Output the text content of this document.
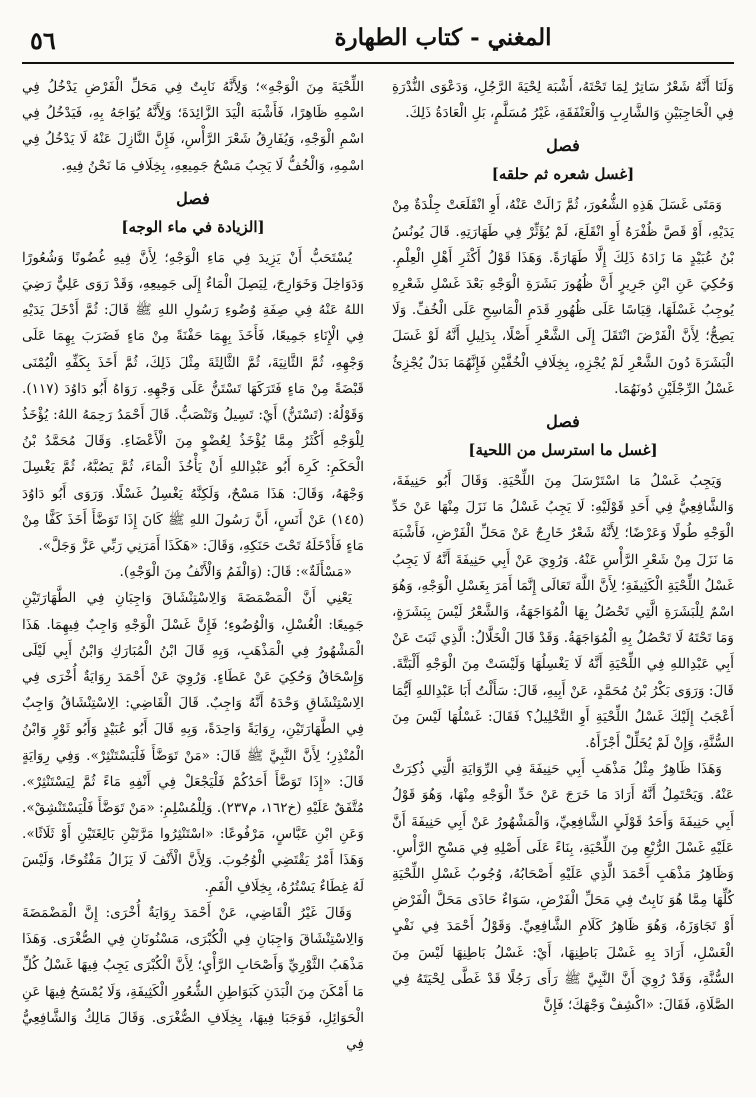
٥٦	المغني - كتاب الطهارة

وَلَنَا أَنَّهُ شَعْرٌ سَاتِرٌ لِمَا تَحْتَهُ، أَشْبَهَ لِحْيَةَ الرَّجُلِ، وَدَعْوَى النُّدْرَةِ فِي الْحَاجِبَيْنِ وَالشَّارِبِ وَالْعَنْفَقَةِ، غَيْرُ مُسَلَّمٍ، بَلِ الْعَادَةُ ذَلِكَ.

فصل
[غسل شعره ثم حلقه]

وَمَتَى غَسَلَ هَذِهِ الشُّعُورَ، ثُمَّ زَالَتْ عَنْهُ، أَوِ انْقَلَعَتْ جِلْدَةٌ مِنْ يَدَيْهِ، أَوْ قَصَّ ظُفْرَهُ أَوِ انْقَلَعَ، لَمْ يُؤَثِّرْ فِي طَهَارَتِهِ. قَالَ يُونُسُ بْنُ عُبَيْدٍ مَا زَادَهُ ذَلِكَ إِلَّا طَهَارَةً. وَهَذَا قَوْلُ أَكْثَرِ أَهْلِ الْعِلْمِ. وَحُكِيَ عَنِ ابْنِ جَرِيرٍ أَنَّ ظُهُورَ بَشَرَةِ الْوَجْهِ بَعْدَ غَسْلِ شَعْرِهِ يُوجِبُ غَسْلَهَا، قِيَاسًا عَلَى ظُهُورِ قَدَمِ الْمَاسِحِ عَلَى الْخُفِّ. وَلَا يَصِحُّ؛ لِأَنَّ الْفَرْضَ انْتَقَلَ إِلَى الشَّعْرِ أَصْلًا، بِدَلِيلِ أَنَّهُ لَوْ غَسَلَ الْبَشَرَةَ دُونَ الشَّعْرِ لَمْ يُجْزِهِ، بِخِلَافِ الْخُفَّيْنِ فَإِنَّهُمَا بَدَلٌ يُجْزِئُ غَسْلُ الرِّجْلَيْنِ دُونَهُمَا.

فصل
[غسل ما استرسل من اللحية]

وَيَجِبُ غَسْلُ مَا اسْتَرْسَلَ مِنَ اللِّحْيَةِ. وَقَالَ أَبُو حَنِيفَةَ، وَالشَّافِعِيُّ فِي أَحَدِ قَوْلَيْهِ: لَا يَجِبُ غَسْلُ مَا نَزَلَ مِنْهَا عَنْ حَدِّ الْوَجْهِ طُولًا وَعَرْضًا؛ لِأَنَّهُ شَعْرٌ خَارِجٌ عَنْ مَحَلِّ الْفَرْضِ، فَأَشْبَهَ مَا نَزَلَ مِنْ شَعْرِ الرَّأْسِ عَنْهُ. وَرُوِيَ عَنْ أَبِي حَنِيفَةَ أَنَّهُ لَا يَجِبُ غَسْلُ اللِّحْيَةِ الْكَثِيفَةِ؛ لِأَنَّ اللَّهَ تَعَالَى إِنَّمَا أَمَرَ بِغَسْلِ الْوَجْهِ، وَهُوَ اسْمٌ لِلْبَشَرَةِ الَّتِي تَحْصُلُ بِهَا الْمُوَاجَهَةُ، وَالشَّعْرُ لَيْسَ بِبَشَرَةٍ، وَمَا تَحْتَهُ لَا تَحْصُلُ بِهِ الْمُوَاجَهَةُ. وَقَدْ قَالَ الْخَلَّالُ: الَّذِي ثَبَتَ عَنْ أَبِي عَبْدِاللهِ فِي اللِّحْيَةِ أَنَّهُ لَا يَغْسِلُهَا وَلَيْسَتْ مِنَ الْوَجْهِ أَلْبَتَّةَ. قَالَ: وَرَوَى بَكْرُ بْنُ مُحَمَّدٍ، عَنْ أَبِيهِ، قَالَ: سَأَلْتُ أَبَا عَبْدِاللهِ أَيُّمَا أَعْجَبُ إِلَيْكَ غَسْلُ اللِّحْيَةِ أَوِ التَّخْلِيلُ؟ فَقَالَ: غَسْلُهَا لَيْسَ مِنَ السُّنَّةِ، وَإِنْ لَمْ يُخَلِّلْ أَجْزَأَهُ.

وَهَذَا ظَاهِرٌ مِثْلُ مَذْهَبِ أَبِي حَنِيفَةَ فِي الرِّوَايَةِ الَّتِي ذُكِرَتْ عَنْهُ. وَيَحْتَمِلُ أَنَّهُ أَرَادَ مَا خَرَجَ عَنْ حَدِّ الْوَجْهِ مِنْهَا، وَهُوَ قَوْلُ أَبِي حَنِيفَةَ وَأَحَدُ قَوْلَيِ الشَّافِعِيِّ، وَالْمَشْهُورُ عَنْ أَبِي حَنِيفَةَ أَنَّ عَلَيْهِ غَسْلَ الرُّبْعِ مِنَ اللِّحْيَةِ، بِنَاءً عَلَى أَصْلِهِ فِي مَسْحِ الرَّأْسِ. وَظَاهِرُ مَذْهَبِ أَحْمَدَ الَّذِي عَلَيْهِ أَصْحَابُهُ، وُجُوبُ غَسْلِ اللِّحْيَةِ كُلِّهَا مِمَّا هُوَ نَابِتٌ فِي مَحَلِّ الْفَرْضِ، سَوَاءٌ حَاذَى مَحَلَّ الْفَرْضِ أَوْ تَجَاوَزَهُ، وَهُوَ ظَاهِرُ كَلَامِ الشَّافِعِيِّ. وَقَوْلُ أَحْمَدَ فِي نَفْيِ الْغَسْلِ، أَرَادَ بِهِ غَسْلَ بَاطِنِهَا، أَيْ: غَسْلُ بَاطِنِهَا لَيْسَ مِنَ السُّنَّةِ، وَقَدْ رُوِيَ أَنَّ النَّبِيَّ ﷺ رَأَى رَجُلًا قَدْ غَطَّى لِحْيَتَهُ فِي الصَّلَاةِ، فَقَالَ: «اكْشِفْ وَجْهَكَ؛ فَإِنَّ

اللِّحْيَةَ مِنَ الْوَجْهِ»؛ وَلِأَنَّهُ نَابِتٌ فِي مَحَلِّ الْفَرْضِ يَدْخُلُ فِي اسْمِهِ ظَاهِرًا، فَأَشْبَهَ الْيَدَ الزَّائِدَةَ؛ وَلِأَنَّهُ يُوَاجَهُ بِهِ، فَيَدْخُلُ فِي اسْمِ الْوَجْهِ، وَيُفَارِقُ شَعْرَ الرَّأْسِ، فَإِنَّ النَّازِلَ عَنْهُ لَا يَدْخُلُ فِي اسْمِهِ، وَالْخُفُّ لَا يَجِبُ مَسْحُ جَمِيعِهِ، بِخِلَافِ مَا نَحْنُ فِيهِ.

فصل
[الزيادة في ماء الوجه]

يُسْتَحَبُّ أَنْ يَزِيدَ فِي مَاءِ الْوَجْهِ؛ لِأَنَّ فِيهِ غُضُونًا وَشُعُورًا وَدَوَاخِلَ وَخَوَارِجَ، لِيَصِلَ الْمَاءُ إِلَى جَمِيعِهِ، وَقَدْ رَوَى عَلِيٌّ رَضِيَ اللهُ عَنْهُ فِي صِفَةِ وُضُوءِ رَسُولِ اللهِ ﷺ قَالَ: ثُمَّ أَدْخَلَ يَدَيْهِ فِي الْإِنَاءِ جَمِيعًا، فَأَخَذَ بِهِمَا حَفْنَةً مِنْ مَاءٍ فَضَرَبَ بِهِمَا عَلَى وَجْهِهِ، ثُمَّ الثَّانِيَةَ، ثُمَّ الثَّالِثَةَ مِثْلَ ذَلِكَ، ثُمَّ أَخَذَ بِكَفِّهِ الْيُمْنَى قَبْضَةً مِنْ مَاءٍ فَتَرَكَهَا تَسْتَنُّ عَلَى وَجْهِهِ. رَوَاهُ أَبُو دَاوُدَ (١١٧). وَقَوْلُهُ: (تَسْتَنُّ) أَيْ: تَسِيلُ وَتَنْصَبُّ. قَالَ أَحْمَدُ رَحِمَهُ اللهُ: يُؤْخَذُ لِلْوَجْهِ أَكْثَرُ مِمَّا يُؤْخَذُ لِعُضْوٍ مِنَ الْأَعْضَاءِ. وَقَالَ مُحَمَّدُ بْنُ الْحَكَمِ: كَرِهَ أَبُو عَبْدِاللهِ أَنْ يَأْخُذَ الْمَاءَ، ثُمَّ يَصُبَّهُ، ثُمَّ يَغْسِلَ وَجْهَهُ، وَقَالَ: هَذَا مَسْحٌ، وَلَكِنَّهُ يَغْسِلُ غَسْلًا. وَرَوَى أَبُو دَاوُدَ (١٤٥) عَنْ أَنَسٍ، أَنَّ رَسُولَ اللهِ ﷺ كَانَ إِذَا تَوَضَّأَ أَخَذَ كَفًّا مِنْ مَاءٍ فَأَدْخَلَهُ تَحْتَ حَنَكِهِ، وَقَالَ: «هَكَذَا أَمَرَنِي رَبِّي عَزَّ وَجَلَّ».

«مَسْأَلَةٌ»: قَالَ: (وَالْفَمُ وَالْأَنْفُ مِنَ الْوَجْهِ).

يَعْنِي أَنَّ الْمَضْمَضَةَ وَالِاسْتِنْشَاقَ وَاجِبَانِ فِي الطَّهَارَتَيْنِ جَمِيعًا: الْغُسْلِ، وَالْوُضُوءِ؛ فَإِنَّ غَسْلَ الْوَجْهِ وَاجِبٌ فِيهِمَا. هَذَا الْمَشْهُورُ فِي الْمَذْهَبِ، وَبِهِ قَالَ ابْنُ الْمُبَارَكِ وَابْنُ أَبِي لَيْلَى وَإِسْحَاقُ وَحُكِيَ عَنْ عَطَاءٍ. وَرُوِيَ عَنْ أَحْمَدَ رِوَايَةٌ أُخْرَى فِي الِاسْتِنْشَاقِ وَحْدَهُ أَنَّهُ وَاجِبٌ. قَالَ الْقَاضِي: الِاسْتِنْشَاقُ وَاجِبٌ فِي الطَّهَارَتَيْنِ، رِوَايَةً وَاحِدَةً، وَبِهِ قَالَ أَبُو عُبَيْدٍ وَأَبُو ثَوْرٍ وَابْنُ الْمُنْذِرِ؛ لِأَنَّ النَّبِيَّ ﷺ قَالَ: «مَنْ تَوَضَّأَ فَلْيَسْتَنْثِرْ». وَفِي رِوَايَةٍ قَالَ: «إِذَا تَوَضَّأَ أَحَدُكُمْ فَلْيَجْعَلْ فِي أَنْفِهِ مَاءً ثُمَّ لِيَسْتَنْثِرْ». مُتَّفَقٌ عَلَيْهِ (خ١٦٢، م٢٣٧). وَلِلْمُسْلِمِ: «مَنْ تَوَضَّأَ فَلْيَسْتَنْشِقْ». وَعَنِ ابْنِ عَبَّاسٍ، مَرْفُوعًا: «اسْتَنْثِرُوا مَرَّتَيْنِ بَالِغَتَيْنِ أَوْ ثَلَاثًا». وَهَذَا أَمْرٌ يَقْتَضِي الْوُجُوبَ. وَلِأَنَّ الْأَنْفَ لَا يَزَالُ مَفْتُوحًا، وَلَيْسَ لَهُ غِطَاءٌ يَسْتُرُهُ، بِخِلَافِ الْفَمِ.

وَقَالَ غَيْرُ الْقَاضِي، عَنْ أَحْمَدَ رِوَايَةٌ أُخْرَى: إِنَّ الْمَضْمَضَةَ وَالِاسْتِنْشَاقَ وَاجِبَانِ فِي الْكُبْرَى، مَسْنُونَانِ فِي الصُّغْرَى. وَهَذَا مَذْهَبُ الثَّوْرِيِّ وَأَصْحَابِ الرَّأْيِ؛ لِأَنَّ الْكُبْرَى يَجِبُ فِيهَا غَسْلُ كُلِّ مَا أَمْكَنَ مِنَ الْبَدَنِ كَبَوَاطِنِ الشُّعُورِ الْكَثِيفَةِ، وَلَا يُمْسَحُ فِيهَا عَنِ الْحَوَائِلِ، فَوَجَبَا فِيهَا، بِخِلَافِ الصُّغْرَى. وَقَالَ مَالِكٌ وَالشَّافِعِيُّ فِي
